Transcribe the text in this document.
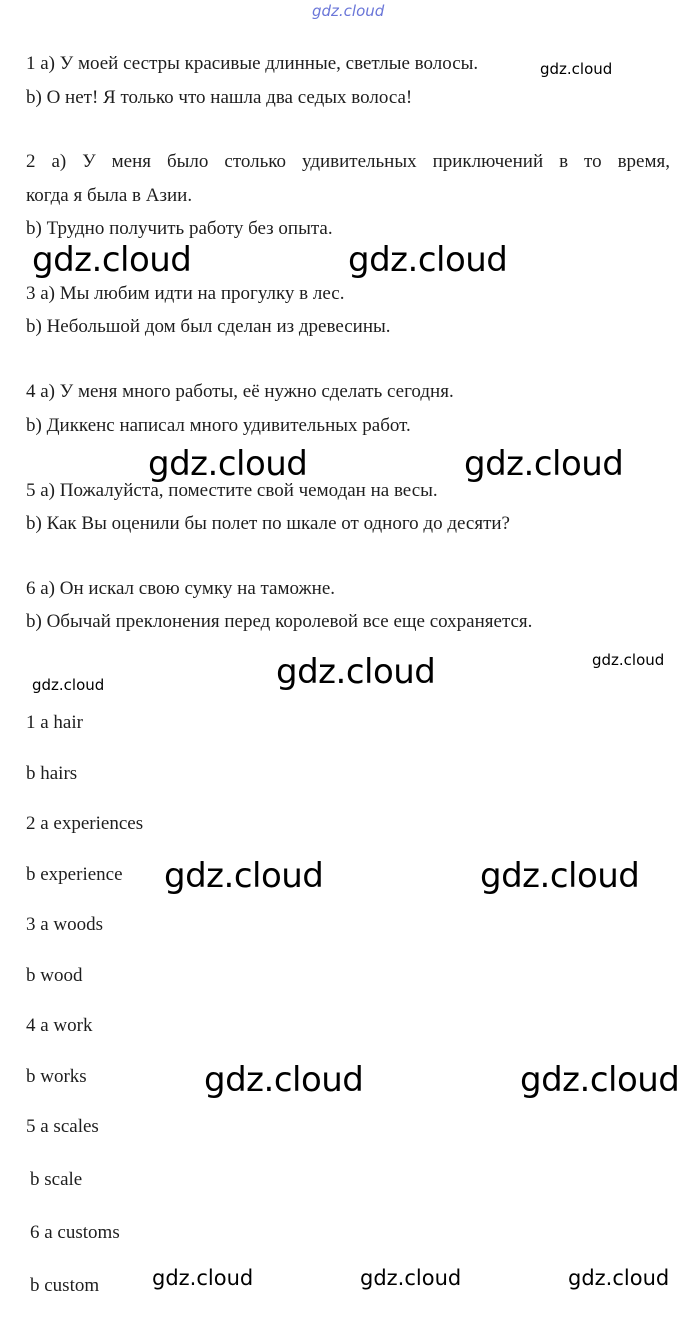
gdz.cloud
1 а) У моей сестры красивые длинные, светлые волосы.
b) О нет! Я только что нашла два седых волоса!
2 а) У меня было столько удивительных приключений в то время,
когда я была в Азии.
b) Трудно получить работу без опыта.
3 а) Мы любим идти на прогулку в лес.
b) Небольшой дом был сделан из древесины.
4 а) У меня много работы, её нужно сделать сегодня.
b) Диккенс написал много удивительных работ.
5 а) Пожалуйста, поместите свой чемодан на весы.
b) Как Вы оценили бы полет по шкале от одного до десяти?
6 а) Он искал свою сумку на таможне.
b) Обычай преклонения перед королевой все еще сохраняется.
1 a hair
b hairs
2 a experiences
b experience
3 a woods
b wood
4 a work
b works
5 a scales
b scale
6 a customs
b custom
gdz.cloud
gdz.cloud	gdz.cloud
gdz.cloud	gdz.cloud
gdz.cloud
gdz.cloud
gdz.cloud
gdz.cloud	gdz.cloud
gdz.cloud	gdz.cloud
gdz.cloud	gdz.cloud	gdz.cloud
